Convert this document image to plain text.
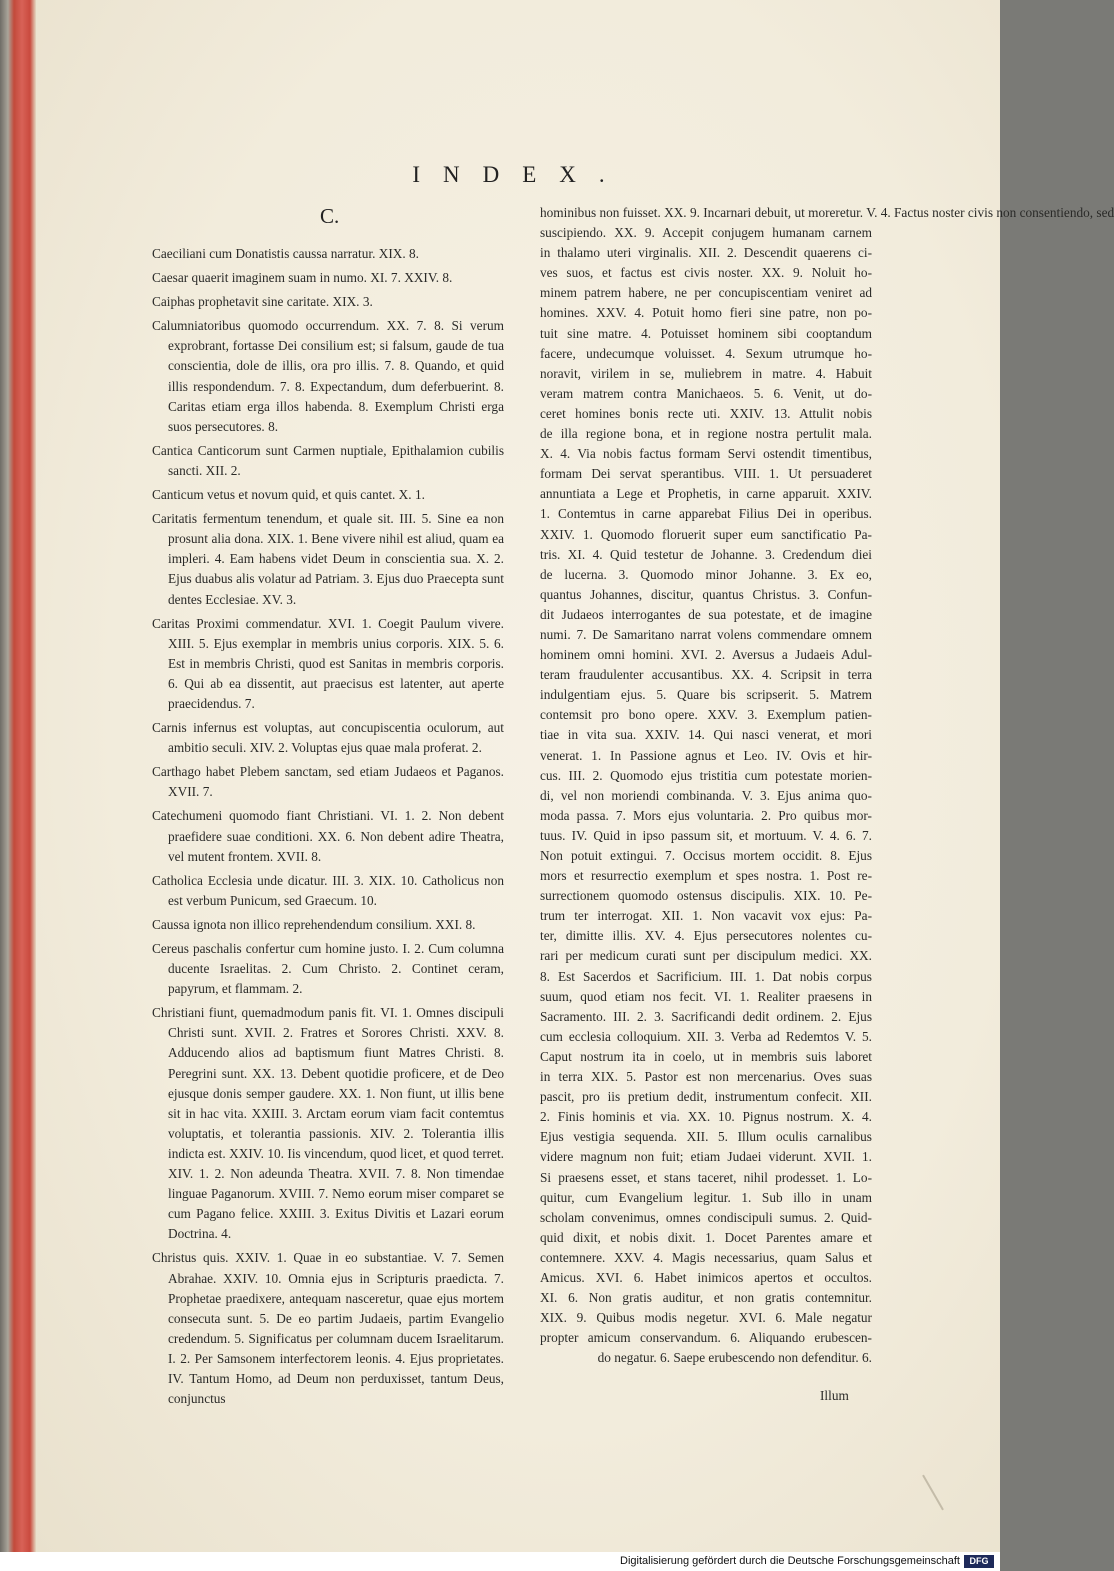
INDEX.
C.
Caeciliani cum Donatistis caussa narratur. XIX. 8.
Caesar quaerit imaginem suam in numo. XI. 7. XXIV. 8.
Caiphas prophetavit sine caritate. XIX. 3.
Calumniatoribus quomodo occurrendum. XX. 7. 8. Si verum exprobrant, fortasse Dei consilium est; si falsum, gaude de tua conscientia, dole de illis, ora pro illis. 7. 8. Quando, et quid illis respondendum. 7. 8. Expectandum, dum deferbuerint. 8. Caritas etiam erga illos habenda. 8. Exemplum Christi erga suos persecutores. 8.
Cantica Canticorum sunt Carmen nuptiale, Epithalamion cubilis sancti. XII. 2.
Canticum vetus et novum quid, et quis cantet. X. 1.
Caritatis fermentum tenendum, et quale sit. III. 5. Sine ea non prosunt alia dona. XIX. 1. Bene vivere nihil est aliud, quam ea impleri. 4. Eam habens videt Deum in conscientia sua. X. 2. Ejus duabus alis volatur ad Patriam. 3. Ejus duo Praecepta sunt dentes Ecclesiae. XV. 3.
Caritas Proximi commendatur. XVI. 1. Coegit Paulum vivere. XIII. 5. Ejus exemplar in membris unius corporis. XIX. 5. 6. Est in membris Christi, quod est Sanitas in membris corporis. 6. Qui ab ea dissentit, aut praecisus est latenter, aut aperte praecidendus. 7.
Carnis infernus est voluptas, aut concupiscentia oculorum, aut ambitio seculi. XIV. 2. Voluptas ejus quae mala proferat. 2.
Carthago habet Plebem sanctam, sed etiam Judaeos et Paganos. XVII. 7.
Catechumeni quomodo fiant Christiani. VI. 1. 2. Non debent praefidere suae conditioni. XX. 6. Non debent adire Theatra, vel mutent frontem. XVII. 8.
Catholica Ecclesia unde dicatur. III. 3. XIX. 10. Catholicus non est verbum Punicum, sed Graecum. 10.
Caussa ignota non illico reprehendendum consilium. XXI. 8.
Cereus paschalis confertur cum homine justo. I. 2. Cum columna ducente Israelitas. 2. Cum Christo. 2. Continet ceram, papyrum, et flammam. 2.
Christiani fiunt, quemadmodum panis fit. VI. 1. Omnes discipuli Christi sunt. XVII. 2. Fratres et Sorores Christi. XXV. 8. Adducendo alios ad baptismum fiunt Matres Christi. 8. Peregrini sunt. XX. 13. Debent quotidie proficere, et de Deo ejusque donis semper gaudere. XX. 1. Non fiunt, ut illis bene sit in hac vita. XXIII. 3. Arctam eorum viam facit contemtus voluptatis, et tolerantia passionis. XIV. 2. Tolerantia illis indicta est. XXIV. 10. Iis vincendum, quod licet, et quod terret. XIV. 1. 2. Non adeunda Theatra. XVII. 7. 8. Non timendae linguae Paganorum. XVIII. 7. Nemo eorum miser comparet se cum Pagano felice. XXIII. 3. Exitus Divitis et Lazari eorum Doctrina. 4.
Christus quis. XXIV. 1. Quae in eo substantiae. V. 7. Semen Abrahae. XXIV. 10. Omnia ejus in Scripturis praedicta. 7. Prophetae praedixere, antequam nasceretur, quae ejus mortem consecuta sunt. 5. De eo partim Judaeis, partim Evangelio credendum. 5. Significatus per columnam ducem Israelitarum. I. 2. Per Samsonem interfectorem leonis. 4. Ejus proprietates. IV. Tantum Homo, ad Deum non perduxisset, tantum Deus, conjunctus
hominibus non fuisset. XX. 9. Incarnari debuit, ut moreretur. V. 4. Factus noster civis non consentiendo, sed
suscipiendo. XX. 9. Accepit conjugem humanam carnem
in thalamo uteri virginalis. XII. 2. Descendit quaerens ci-
ves suos, et factus est civis noster. XX. 9. Noluit ho-
minem patrem habere, ne per concupiscentiam veniret ad
homines. XXV. 4. Potuit homo fieri sine patre, non po-
tuit sine matre. 4. Potuisset hominem sibi cooptandum
facere, undecumque voluisset. 4. Sexum utrumque ho-
noravit, virilem in se, muliebrem in matre. 4. Habuit
veram matrem contra Manichaeos. 5. 6. Venit, ut do-
ceret homines bonis recte uti. XXIV. 13. Attulit nobis
de illa regione bona, et in regione nostra pertulit mala.
X. 4. Via nobis factus formam Servi ostendit timentibus,
formam Dei servat sperantibus. VIII. 1. Ut persuaderet
annuntiata a Lege et Prophetis, in carne apparuit. XXIV.
1. Contemtus in carne apparebat Filius Dei in operibus.
XXIV. 1. Quomodo floruerit super eum sanctificatio Pa-
tris. XI. 4. Quid testetur de Johanne. 3. Credendum diei
de lucerna. 3. Quomodo minor Johanne. 3. Ex eo,
quantus Johannes, discitur, quantus Christus. 3. Confun-
dit Judaeos interrogantes de sua potestate, et de imagine
numi. 7. De Samaritano narrat volens commendare omnem
hominem omni homini. XVI. 2. Aversus a Judaeis Adul-
teram fraudulenter accusantibus. XX. 4. Scripsit in terra
indulgentiam ejus. 5. Quare bis scripserit. 5. Matrem
contemsit pro bono opere. XXV. 3. Exemplum patien-
tiae in vita sua. XXIV. 14. Qui nasci venerat, et mori
venerat. 1. In Passione agnus et Leo. IV. Ovis et hir-
cus. III. 2. Quomodo ejus tristitia cum potestate morien-
di, vel non moriendi combinanda. V. 3. Ejus anima quo-
moda passa. 7. Mors ejus voluntaria. 2. Pro quibus mor-
tuus. IV. Quid in ipso passum sit, et mortuum. V. 4. 6. 7.
Non potuit extingui. 7. Occisus mortem occidit. 8. Ejus
mors et resurrectio exemplum et spes nostra. 1. Post re-
surrectionem quomodo ostensus discipulis. XIX. 10. Pe-
trum ter interrogat. XII. 1. Non vacavit vox ejus: Pa-
ter, dimitte illis. XV. 4. Ejus persecutores nolentes cu-
rari per medicum curati sunt per discipulum medici. XX.
8. Est Sacerdos et Sacrificium. III. 1. Dat nobis corpus
suum, quod etiam nos fecit. VI. 1. Realiter praesens in
Sacramento. III. 2. 3. Sacrificandi dedit ordinem. 2. Ejus
cum ecclesia colloquium. XII. 3. Verba ad Redemtos V. 5.
Caput nostrum ita in coelo, ut in membris suis laboret
in terra XIX. 5. Pastor est non mercenarius. Oves suas
pascit, pro iis pretium dedit, instrumentum confecit. XII.
2. Finis hominis et via. XX. 10. Pignus nostrum. X. 4.
Ejus vestigia sequenda. XII. 5. Illum oculis carnalibus
videre magnum non fuit; etiam Judaei viderunt. XVII. 1.
Si praesens esset, et stans taceret, nihil prodesset. 1. Lo-
quitur, cum Evangelium legitur. 1. Sub illo in unam
scholam convenimus, omnes condiscipuli sumus. 2. Quid-
quid dixit, et nobis dixit. 1. Docet Parentes amare et
contemnere. XXV. 4. Magis necessarius, quam Salus et
Amicus. XVI. 6. Habet inimicos apertos et occultos.
XI. 6. Non gratis auditur, et non gratis contemnitur.
XIX. 9. Quibus modis negetur. XVI. 6. Male negatur
propter amicum conservandum. 6. Aliquando erubescen-
do negatur. 6. Saepe erubescendo non defenditur. 6.
Illum
Digitalisierung gefördert durch die Deutsche Forschungsgemeinschaft	DFG
